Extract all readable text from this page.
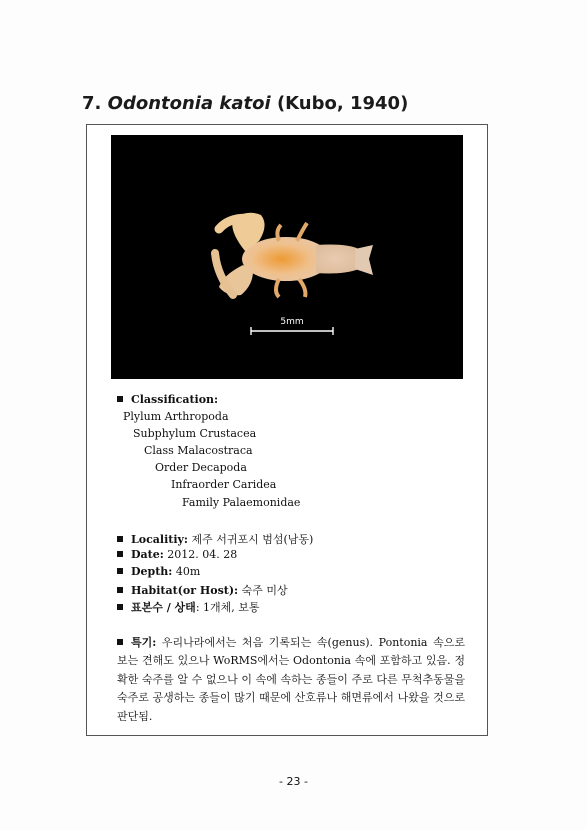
7. Odontonia katoi (Kubo, 1940)
5mm
Classification:
Plylum Arthropoda
Subphylum Crustacea
Class Malacostraca
Order Decapoda
Infraorder Caridea
Family Palaemonidae
Localitiy: 제주 서귀포시 범섬(남동)
Date: 2012. 04. 28
Depth: 40m
Habitat(or Host): 숙주 미상
표본수 / 상태: 1개체, 보통
특기: 우리나라에서는 처음 기록되는 속(genus). Pontonia 속으로 보는 견해도 있으나 WoRMS에서는 Odontonia 속에 포함하고 있음. 정확한 숙주를 알 수 없으나 이 속에 속하는 종들이 주로 다른 무척추동물을 숙주로 공생하는 종들이 많기 때문에 산호류나 해면류에서 나왔을 것으로 판단됨.
- 23 -
